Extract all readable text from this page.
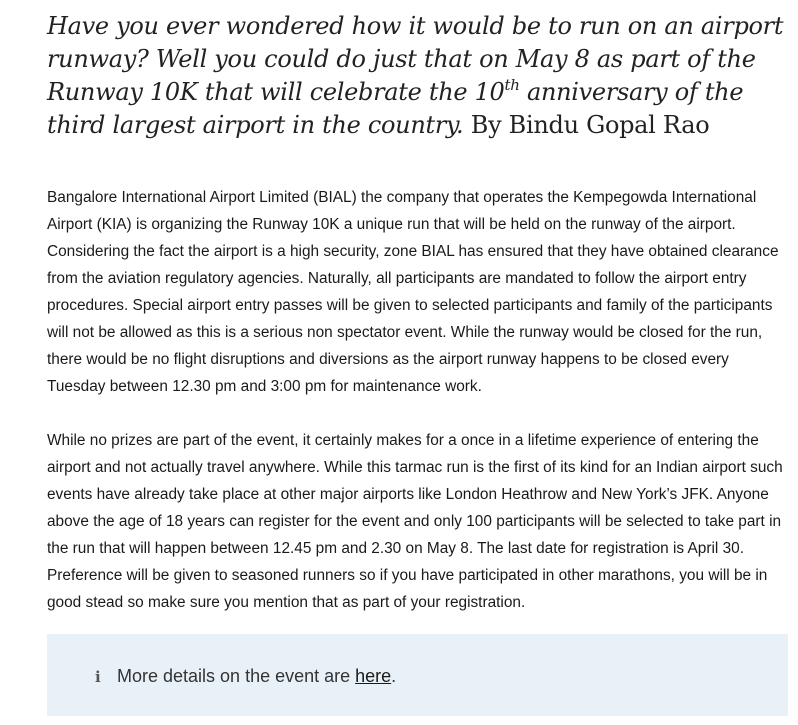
Have you ever wondered how it would be to run on an airport runway? Well you could do just that on May 8 as part of the Runway 10K that will celebrate the 10th anniversary of the third largest airport in the country. By Bindu Gopal Rao

Bangalore International Airport Limited (BIAL) the company that operates the Kempegowda International Airport (KIA) is organizing the Runway 10K a unique run that will be held on the runway of the airport. Considering the fact the airport is a high security, zone BIAL has ensured that they have obtained clearance from the aviation regulatory agencies. Naturally, all participants are mandated to follow the airport entry procedures. Special airport entry passes will be given to selected participants and family of the participants will not be allowed as this is a serious non spectator event. While the runway would be closed for the run, there would be no flight disruptions and diversions as the airport runway happens to be closed every Tuesday between 12.30 pm and 3:00 pm for maintenance work.

While no prizes are part of the event, it certainly makes for a once in a lifetime experience of entering the airport and not actually travel anywhere. While this tarmac run is the first of its kind for an Indian airport such events have already take place at other major airports like London Heathrow and New York’s JFK. Anyone above the age of 18 years can register for the event and only 100 participants will be selected to take part in the run that will happen between 12.45 pm and 2.30 on May 8. The last date for registration is April 30. Preference will be given to seasoned runners so if you have participated in other marathons, you will be in good stead so make sure you mention that as part of your registration.

i More details on the event are here.
